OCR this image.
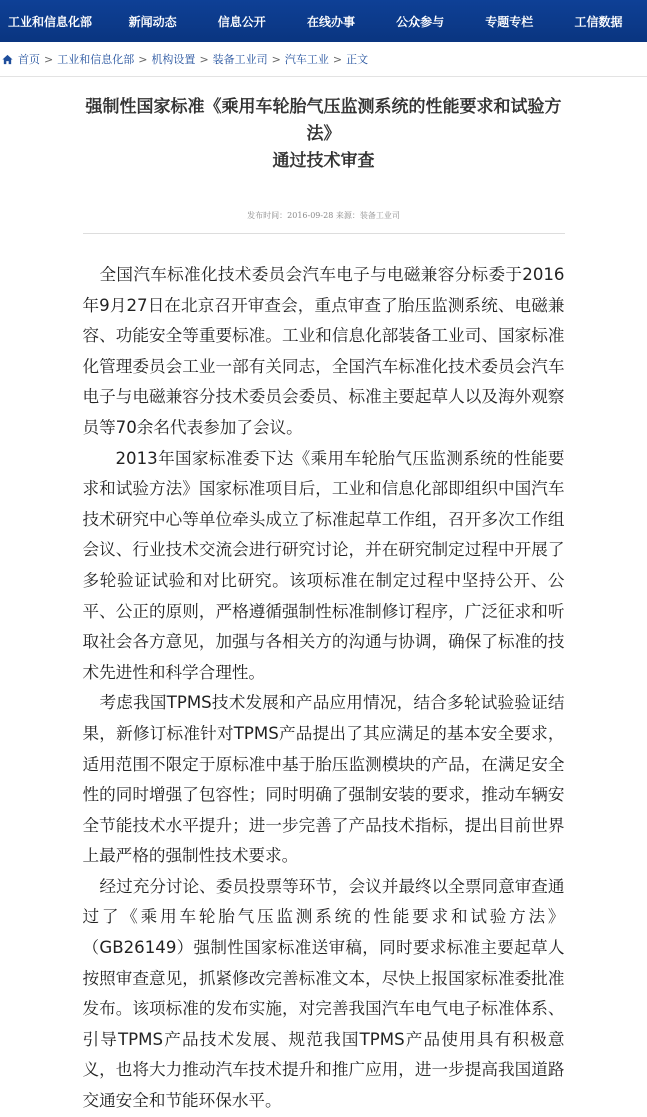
工业和信息化部	新闻动态	信息公开	在线办事	公众参与	专题专栏	工信数据
首页 > 工业和信息化部 > 机构设置 > 装备工业司 > 汽车工业 > 正文
强制性国家标准《乘用车轮胎气压监测系统的性能要求和试验方法》
通过技术审查
发布时间：2016-09-28 来源：装备工业司

全国汽车标准化技术委员会汽车电子与电磁兼容分标委于2016年9月27日在北京召开审查会，重点审查了胎压监测系统、电磁兼容、功能安全等重要标准。工业和信息化部装备工业司、国家标准化管理委员会工业一部有关同志，全国汽车标准化技术委员会汽车电子与电磁兼容分技术委员会委员、标准主要起草人以及海外观察员等70余名代表参加了会议。

2013年国家标准委下达《乘用车轮胎气压监测系统的性能要求和试验方法》国家标准项目后，工业和信息化部即组织中国汽车技术研究中心等单位牵头成立了标准起草工作组，召开多次工作组会议、行业技术交流会进行研究讨论，并在研究制定过程中开展了多轮验证试验和对比研究。该项标准在制定过程中坚持公开、公平、公正的原则，严格遵循强制性标准制修订程序，广泛征求和听取社会各方意见，加强与各相关方的沟通与协调，确保了标准的技术先进性和科学合理性。

考虑我国TPMS技术发展和产品应用情况，结合多轮试验验证结果，新修订标准针对TPMS产品提出了其应满足的基本安全要求，适用范围不限定于原标准中基于胎压监测模块的产品，在满足安全性的同时增强了包容性；同时明确了强制安装的要求，推动车辆安全节能技术水平提升；进一步完善了产品技术指标，提出目前世界上最严格的强制性技术要求。

经过充分讨论、委员投票等环节，会议并最终以全票同意审查通过了《乘用车轮胎气压监测系统的性能要求和试验方法》（GB26149）强制性国家标准送审稿，同时要求标准主要起草人按照审查意见，抓紧修改完善标准文本，尽快上报国家标准委批准发布。该项标准的发布实施，对完善我国汽车电气电子标准体系、引导TPMS产品技术发展、规范我国TPMS产品使用具有积极意义，也将大力推动汽车技术提升和推广应用，进一步提高我国道路交通安全和节能环保水平。
